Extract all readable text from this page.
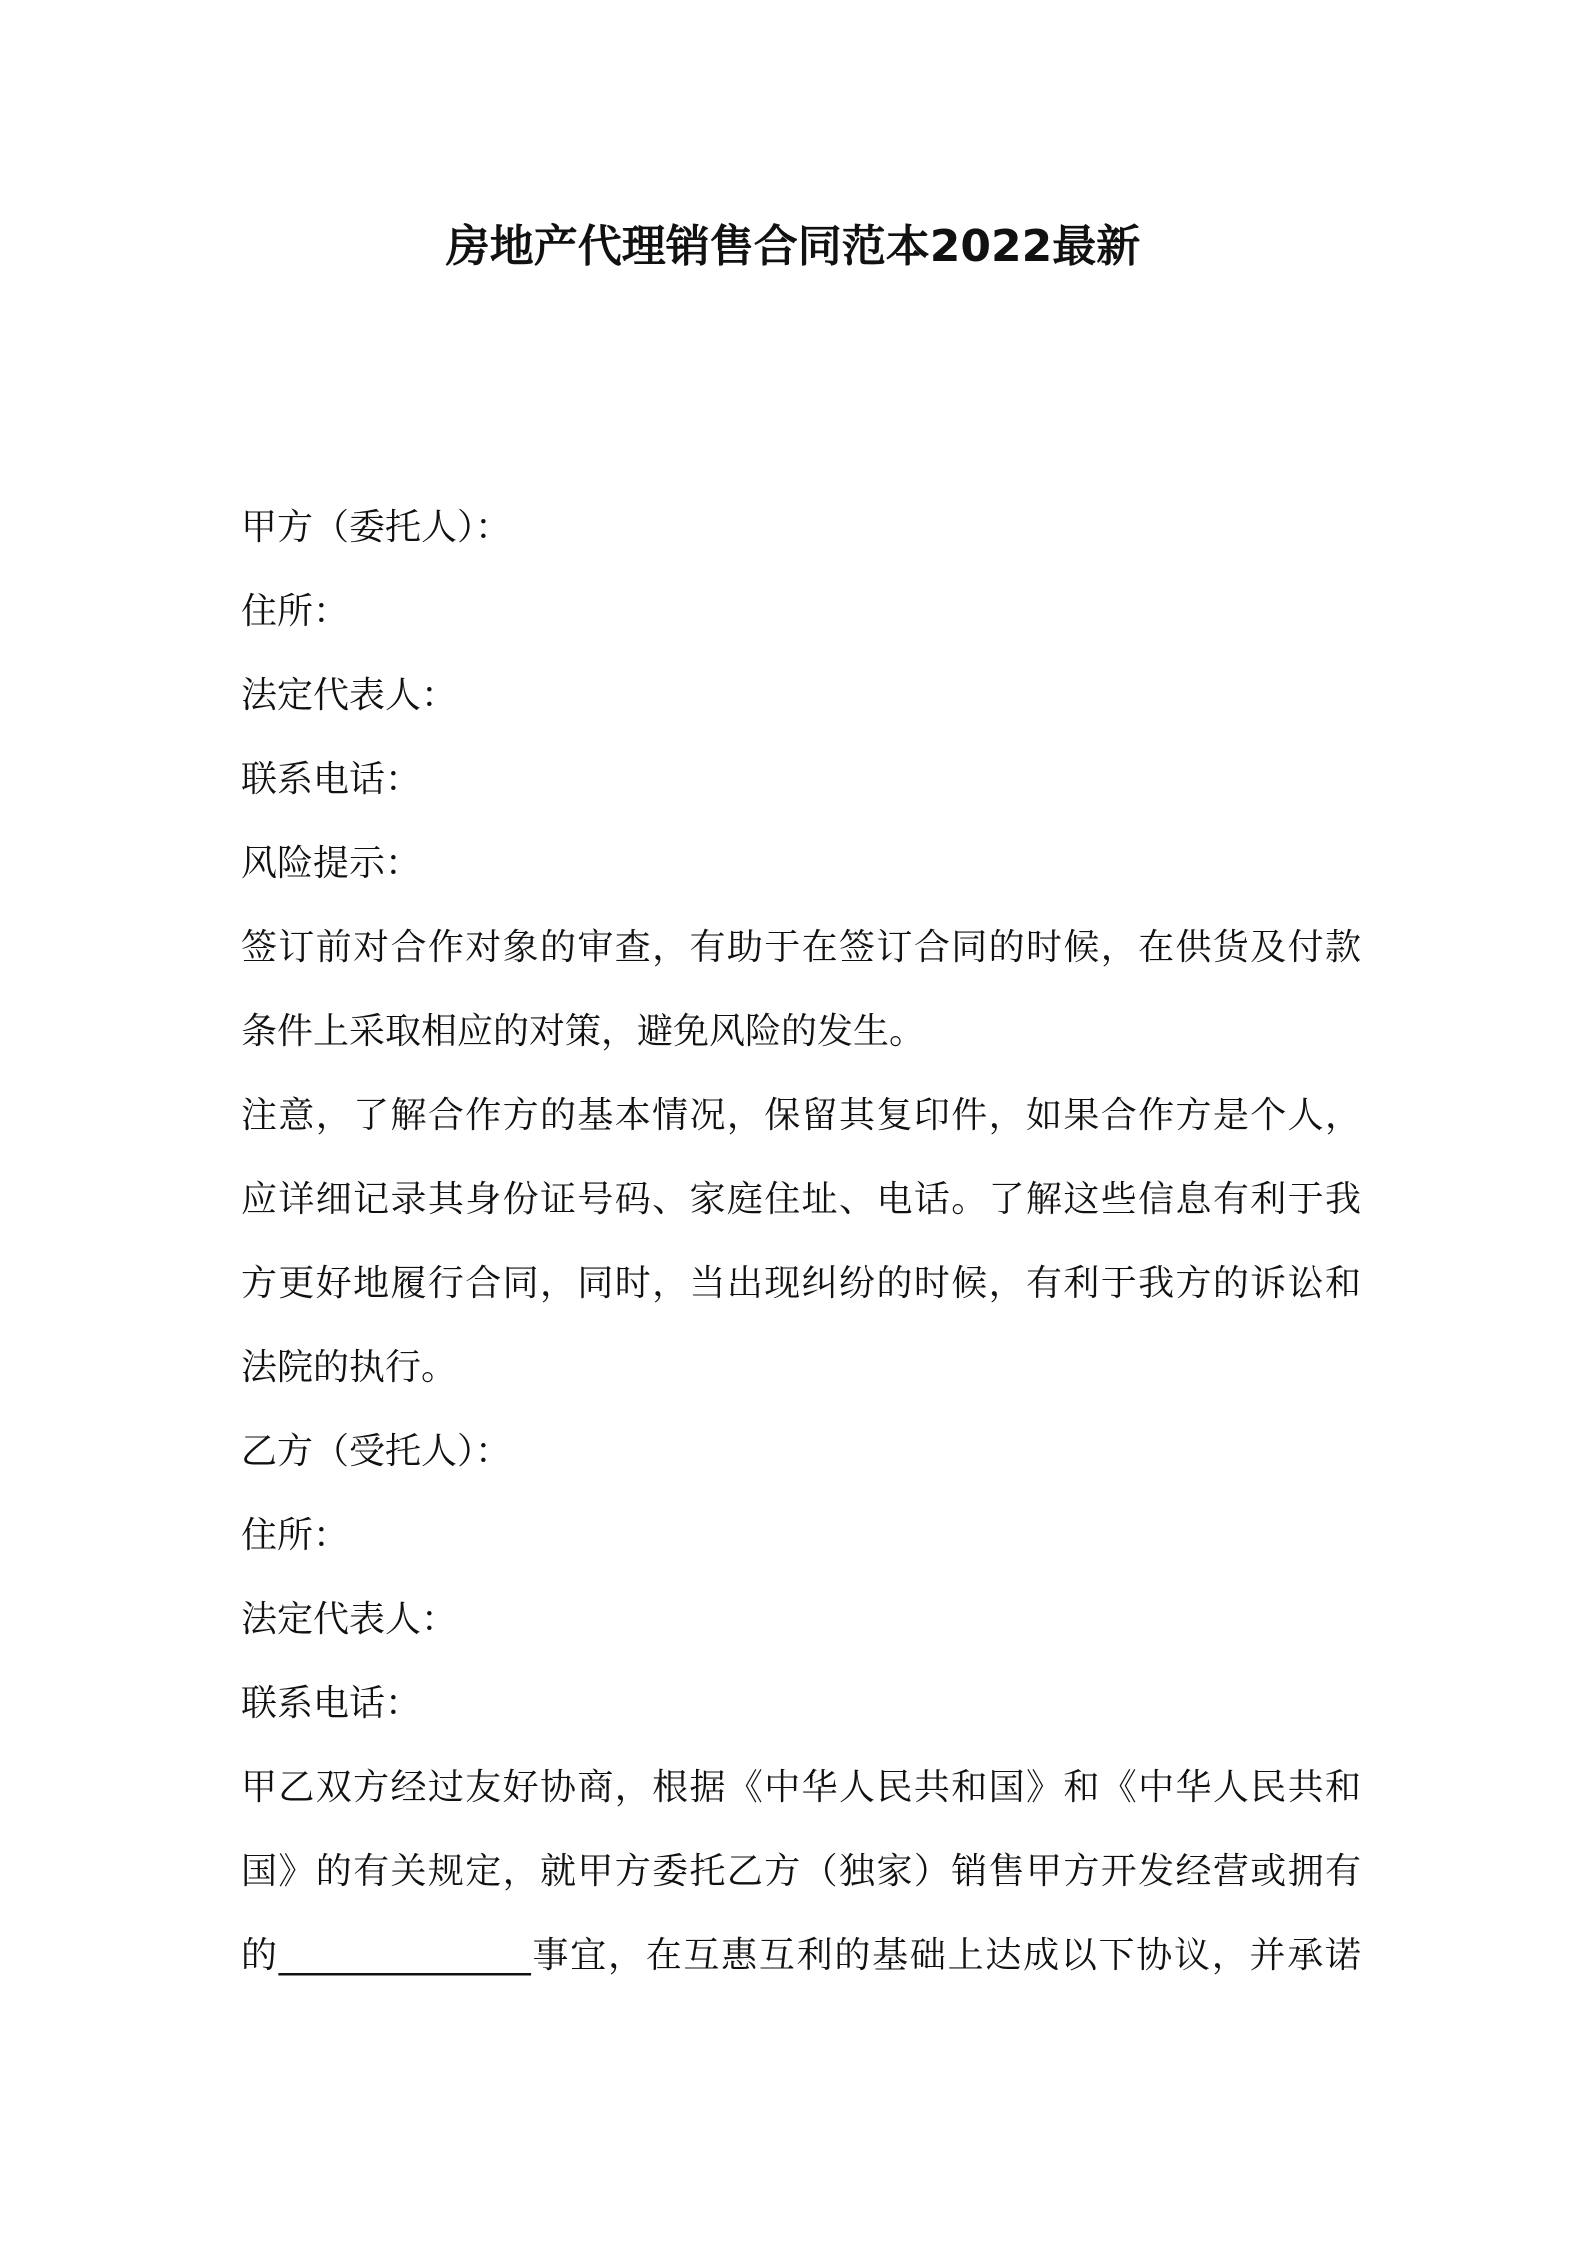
房地产代理销售合同范本2022最新
甲方（委托人）：
住所：
法定代表人：
联系电话：
风险提示：
签订前对合作对象的审查，有助于在签订合同的时候，在供货及付款
条件上采取相应的对策，避免风险的发生。
注意，了解合作方的基本情况，保留其复印件，如果合作方是个人，
应详细记录其身份证号码、家庭住址、电话。了解这些信息有利于我
方更好地履行合同，同时，当出现纠纷的时候，有利于我方的诉讼和
法院的执行。
乙方（受托人）：
住所：
法定代表人：
联系电话：
甲乙双方经过友好协商，根据《中华人民共和国》和《中华人民共和
国》的有关规定，就甲方委托乙方（独家）销售甲方开发经营或拥有
的______________事宜，在互惠互利的基础上达成以下协议，并承诺
